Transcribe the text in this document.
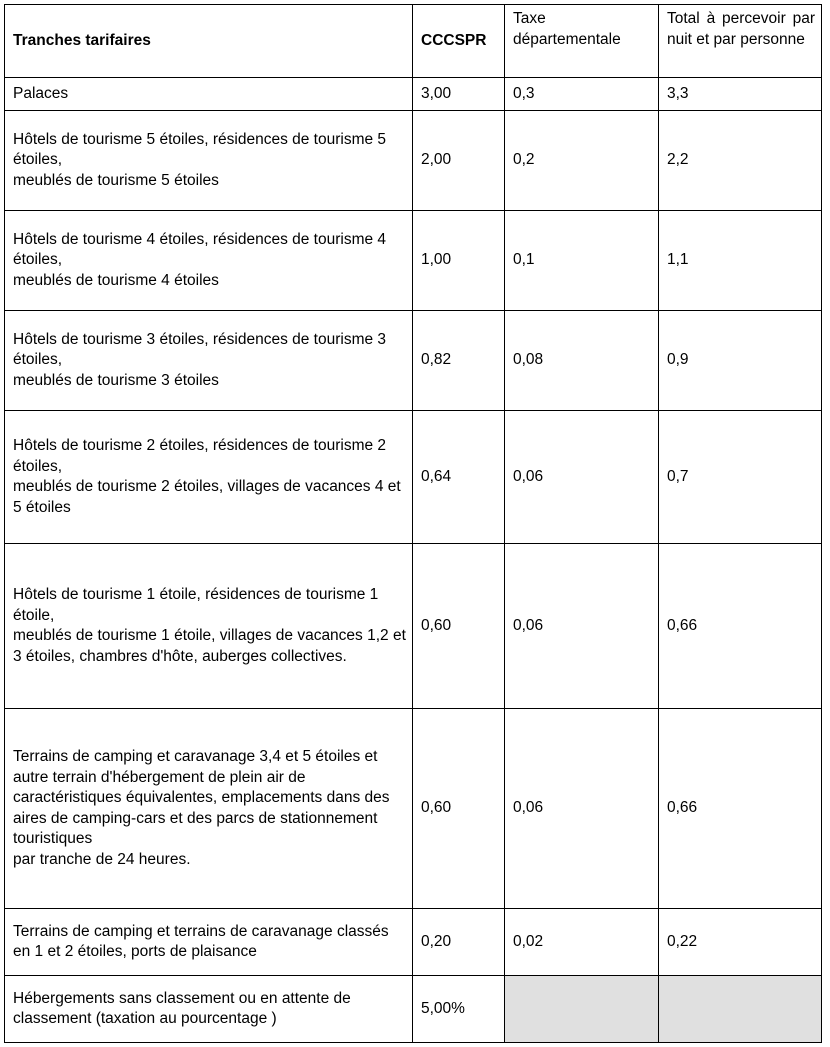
Tranches tarifaires	CCCSPR	Taxe départementale	Total à percevoir par nuit et par personne

Palaces	3,00	0,3	3,3

Hôtels de tourisme 5 étoiles, résidences de tourisme 5 étoiles,
meublés de tourisme 5 étoiles	2,00	0,2	2,2

Hôtels de tourisme 4 étoiles, résidences de tourisme 4 étoiles,
meublés de tourisme 4 étoiles	1,00	0,1	1,1

Hôtels de tourisme 3 étoiles, résidences de tourisme 3 étoiles,
meublés de tourisme 3 étoiles	0,82	0,08	0,9

Hôtels de tourisme 2 étoiles, résidences de tourisme 2 étoiles,
meublés de tourisme 2 étoiles, villages de vacances 4 et 5 étoiles	0,64	0,06	0,7

Hôtels de tourisme 1 étoile, résidences de tourisme 1 étoile,
meublés de tourisme 1 étoile, villages de vacances 1,2 et 3 étoiles, chambres d'hôte, auberges collectives.	0,60	0,06	0,66

Terrains de camping et caravanage 3,4 et 5 étoiles et autre terrain d'hébergement de plein air de
caractéristiques équivalentes, emplacements dans des aires de camping-cars et des parcs de stationnement touristiques
par tranche de 24 heures.	0,60	0,06	0,66

Terrains de camping et terrains de caravanage classés en 1 et 2 étoiles, ports de plaisance	0,20	0,02	0,22

Hébergements sans classement ou en attente de classement (taxation au pourcentage )	5,00%		
